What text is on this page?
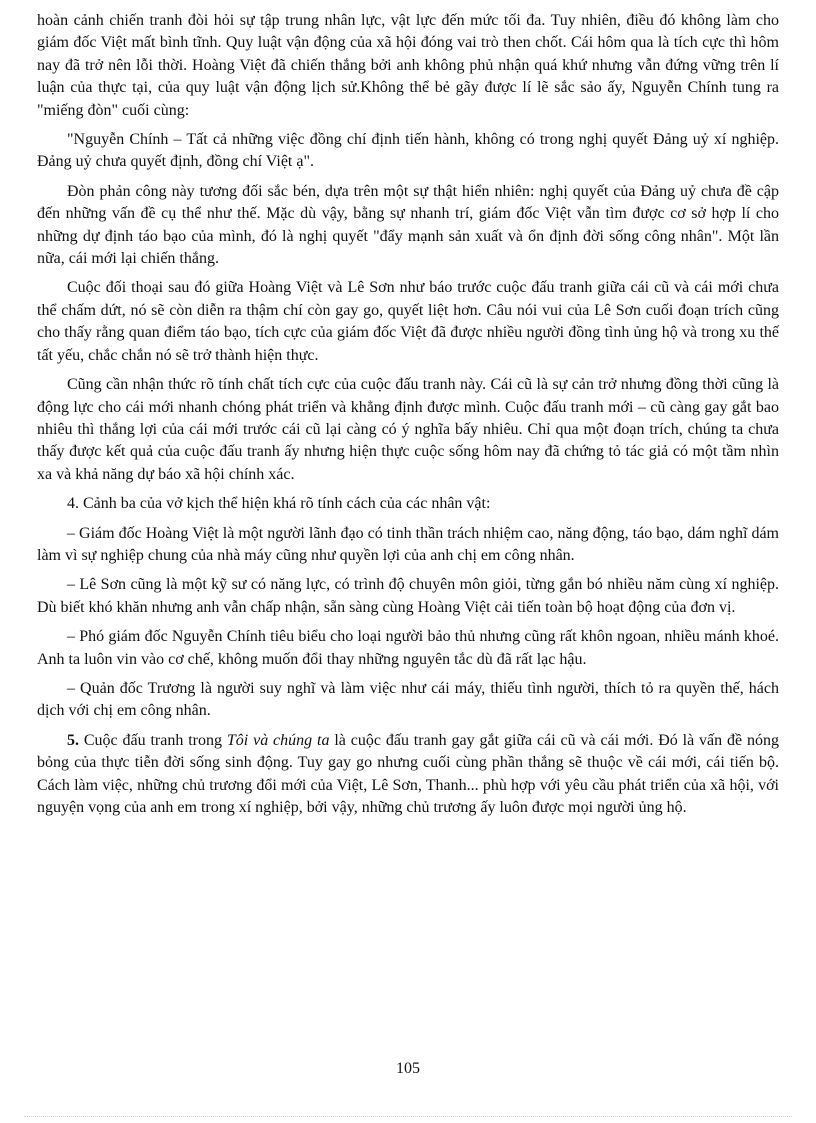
hoàn cảnh chiến tranh đòi hỏi sự tập trung nhân lực, vật lực đến mức tối đa. Tuy nhiên, điều đó không làm cho giám đốc Việt mất bình tĩnh. Quy luật vận động của xã hội đóng vai trò then chốt. Cái hôm qua là tích cực thì hôm nay đã trở nên lỗi thời. Hoàng Việt đã chiến thắng bởi anh không phủ nhận quá khứ nhưng vẫn đứng vững trên lí luận của thực tại, của quy luật vận động lịch sử.Không thể bẻ gãy được lí lẽ sắc sảo ấy, Nguyễn Chính tung ra "miếng đòn" cuối cùng:

"Nguyễn Chính – Tất cả những việc đồng chí định tiến hành, không có trong nghị quyết Đảng uỷ xí nghiệp. Đảng uỷ chưa quyết định, đồng chí Việt ạ".

Đòn phản công này tương đối sắc bén, dựa trên một sự thật hiển nhiên: nghị quyết của Đảng uỷ chưa đề cập đến những vấn đề cụ thể như thế. Mặc dù vậy, bằng sự nhanh trí, giám đốc Việt vẫn tìm được cơ sở hợp lí cho những dự định táo bạo của mình, đó là nghị quyết "đẩy mạnh sản xuất và ổn định đời sống công nhân". Một lần nữa, cái mới lại chiến thắng.

Cuộc đối thoại sau đó giữa Hoàng Việt và Lê Sơn như báo trước cuộc đấu tranh giữa cái cũ và cái mới chưa thể chấm dứt, nó sẽ còn diễn ra thậm chí còn gay go, quyết liệt hơn. Câu nói vui của Lê Sơn cuối đoạn trích cũng cho thấy rằng quan điểm táo bạo, tích cực của giám đốc Việt đã được nhiều người đồng tình ủng hộ và trong xu thế tất yếu, chắc chắn nó sẽ trở thành hiện thực.

Cũng cần nhận thức rõ tính chất tích cực của cuộc đấu tranh này. Cái cũ là sự cản trở nhưng đồng thời cũng là động lực cho cái mới nhanh chóng phát triển và khẳng định được mình. Cuộc đấu tranh mới – cũ càng gay gắt bao nhiêu thì thắng lợi của cái mới trước cái cũ lại càng có ý nghĩa bấy nhiêu. Chỉ qua một đoạn trích, chúng ta chưa thấy được kết quả của cuộc đấu tranh ấy nhưng hiện thực cuộc sống hôm nay đã chứng tỏ tác giả có một tầm nhìn xa và khả năng dự báo xã hội chính xác.

4. Cảnh ba của vở kịch thể hiện khá rõ tính cách của các nhân vật:

– Giám đốc Hoàng Việt là một người lãnh đạo có tinh thần trách nhiệm cao, năng động, táo bạo, dám nghĩ dám làm vì sự nghiệp chung của nhà máy cũng như quyền lợi của anh chị em công nhân.

– Lê Sơn cũng là một kỹ sư có năng lực, có trình độ chuyên môn giỏi, từng gắn bó nhiều năm cùng xí nghiệp. Dù biết khó khăn nhưng anh vẫn chấp nhận, sẵn sàng cùng Hoàng Việt cải tiến toàn bộ hoạt động của đơn vị.

– Phó giám đốc Nguyễn Chính tiêu biểu cho loại người bảo thủ nhưng cũng rất khôn ngoan, nhiều mánh khoé. Anh ta luôn vin vào cơ chế, không muốn đổi thay những nguyên tắc dù đã rất lạc hậu.

– Quản đốc Trương là người suy nghĩ và làm việc như cái máy, thiếu tình người, thích tỏ ra quyền thế, hách dịch với chị em công nhân.

5. Cuộc đấu tranh trong Tôi và chúng ta là cuộc đấu tranh gay gắt giữa cái cũ và cái mới. Đó là vấn đề nóng bỏng của thực tiễn đời sống sinh động. Tuy gay go nhưng cuối cùng phần thắng sẽ thuộc về cái mới, cái tiến bộ. Cách làm việc, những chủ trương đổi mới của Việt, Lê Sơn, Thanh... phù hợp với yêu cầu phát triển của xã hội, với nguyện vọng của anh em trong xí nghiệp, bởi vậy, những chủ trương ấy luôn được mọi người ủng hộ.

105
